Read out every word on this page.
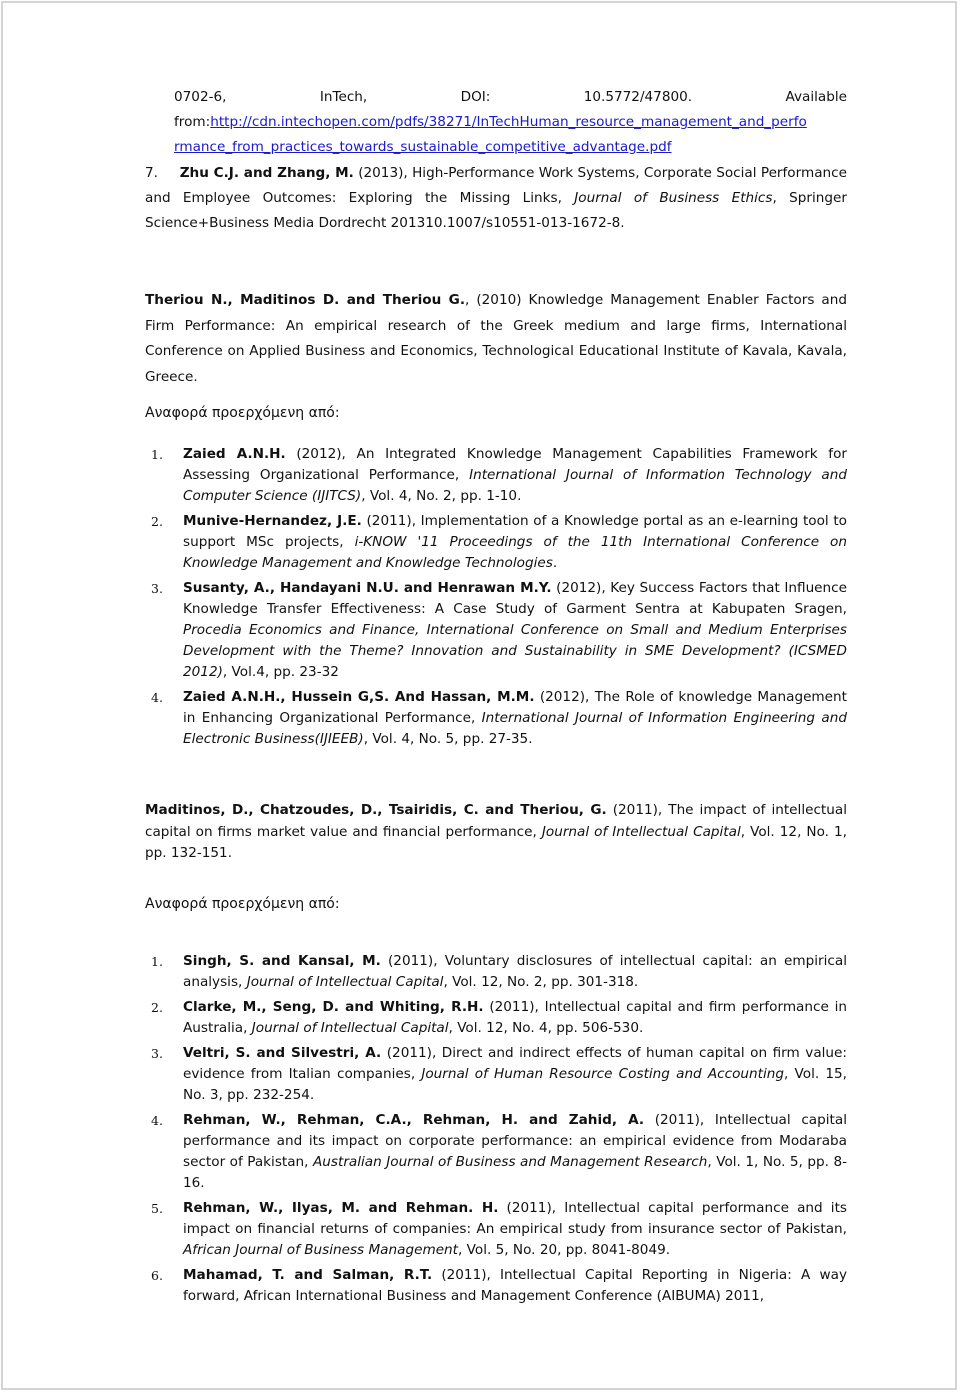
0702-6,	InTech,	DOI:	10.5772/47800.	Available
from:http://cdn.intechopen.com/pdfs/38271/InTechHuman_resource_management_and_perfo
rmance_from_practices_towards_sustainable_competitive_advantage.pdf
7. Zhu C.J. and Zhang, M. (2013), High-Performance Work Systems, Corporate Social Performance and Employee Outcomes: Exploring the Missing Links, Journal of Business Ethics, Springer Science+Business Media Dordrecht 201310.1007/s10551-013-1672-8.
Theriou N., Maditinos D. and Theriou G., (2010) Knowledge Management Enabler Factors and Firm Performance: An empirical research of the Greek medium and large firms, International Conference on Applied Business and Economics, Technological Educational Institute of Kavala, Kavala, Greece.
Αναφορά προερχόμενη από:
1. Zaied A.N.H. (2012), An Integrated Knowledge Management Capabilities Framework for Assessing Organizational Performance, International Journal of Information Technology and Computer Science (IJITCS), Vol. 4, No. 2, pp. 1-10.
2. Munive-Hernandez, J.E. (2011), Implementation of a Knowledge portal as an e-learning tool to support MSc projects, i-KNOW '11 Proceedings of the 11th International Conference on Knowledge Management and Knowledge Technologies.
3. Susanty, A., Handayani N.U. and Henrawan M.Y. (2012), Key Success Factors that Influence Knowledge Transfer Effectiveness: A Case Study of Garment Sentra at Kabupaten Sragen, Procedia Economics and Finance, International Conference on Small and Medium Enterprises Development with the Theme? Innovation and Sustainability in SME Development? (ICSMED 2012), Vol.4, pp. 23-32
4. Zaied A.N.H., Hussein G,S. And Hassan, M.M. (2012), The Role of knowledge Management in Enhancing Organizational Performance, International Journal of Information Engineering and Electronic Business(IJIEEB), Vol. 4, No. 5, pp. 27-35.
Maditinos, D., Chatzoudes, D., Tsairidis, C. and Theriou, G. (2011), The impact of intellectual capital on firms market value and financial performance, Journal of Intellectual Capital, Vol. 12, No. 1, pp. 132-151.
Αναφορά προερχόμενη από:
1. Singh, S. and Kansal, M. (2011), Voluntary disclosures of intellectual capital: an empirical analysis, Journal of Intellectual Capital, Vol. 12, No. 2, pp. 301-318.
2. Clarke, M., Seng, D. and Whiting, R.H. (2011), Intellectual capital and firm performance in Australia, Journal of Intellectual Capital, Vol. 12, No. 4, pp. 506-530.
3. Veltri, S. and Silvestri, A. (2011), Direct and indirect effects of human capital on firm value: evidence from Italian companies, Journal of Human Resource Costing and Accounting, Vol. 15, No. 3, pp. 232-254.
4. Rehman, W., Rehman, C.A., Rehman, H. and Zahid, A. (2011), Intellectual capital performance and its impact on corporate performance: an empirical evidence from Modaraba sector of Pakistan, Australian Journal of Business and Management Research, Vol. 1, No. 5, pp. 8-16.
5. Rehman, W., Ilyas, M. and Rehman. H. (2011), Intellectual capital performance and its impact on financial returns of companies: An empirical study from insurance sector of Pakistan, African Journal of Business Management, Vol. 5, No. 20, pp. 8041-8049.
6. Mahamad, T. and Salman, R.T. (2011), Intellectual Capital Reporting in Nigeria: A way forward, African International Business and Management Conference (AIBUMA) 2011,
